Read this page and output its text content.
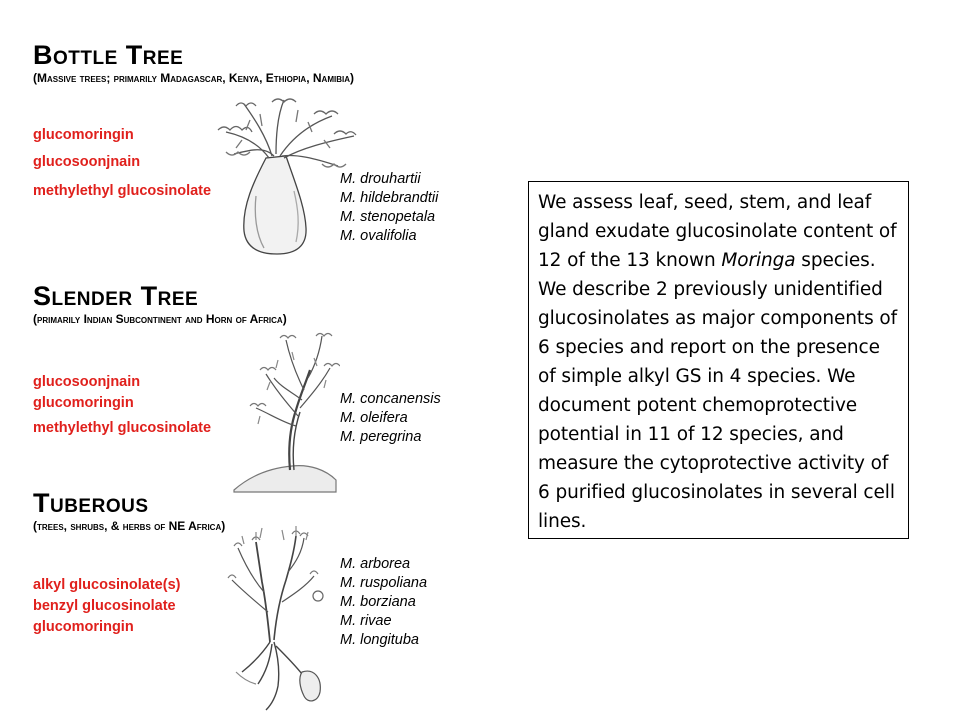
Bottle Tree
(Massive trees; primarily Madagascar, Kenya, Ethiopia, Namibia)
glucomoringin
glucosoonjnain
methylethyl glucosinolate
M. drouhartii
M. hildebrandtii
M. stenopetala
M. ovalifolia
Slender Tree
(primarily Indian Subcontinent and Horn of Africa)
glucosoonjnain
glucomoringin
methylethyl glucosinolate
M. concanensis
M. oleifera
M. peregrina
Tuberous
(trees, shrubs, & herbs of NE Africa)
alkyl glucosinolate(s)
benzyl glucosinolate
glucomoringin
M. arborea
M. ruspoliana
M. borziana
M. rivae
M. longituba
We assess leaf, seed, stem, and leaf gland exudate glucosinolate content of 12 of the 13 known Moringa species. We describe 2 previously unidentified glucosinolates as major components of 6 species and report on the presence of simple alkyl GS in 4 species. We document potent chemoprotective potential in 11 of 12 species, and measure the cytoprotective activity of 6 purified glucosinolates in several cell lines.
